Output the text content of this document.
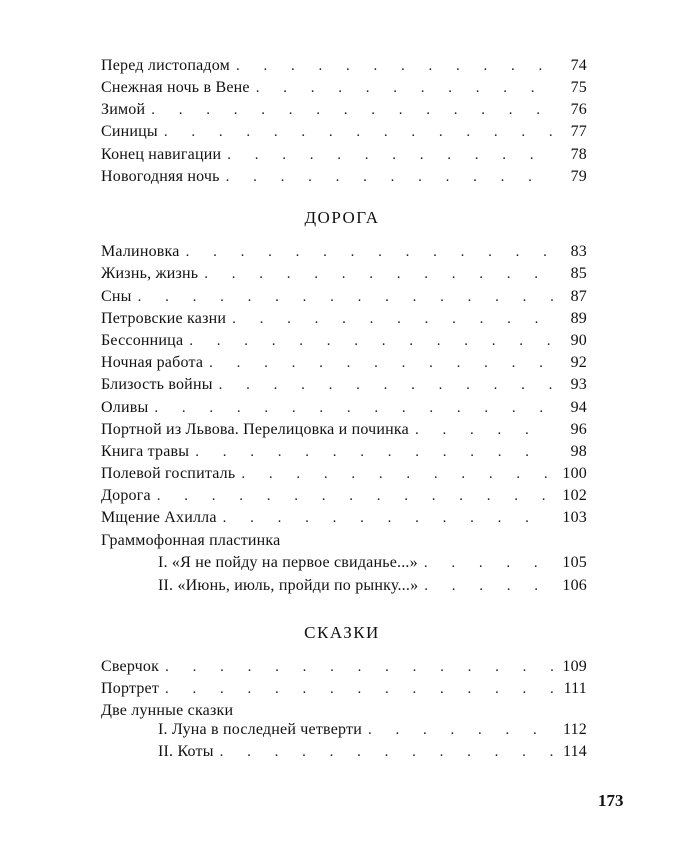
Перед листопадом . . .	74
Снежная ночь в Вене . . .	75
Зимой . . .	76
Синицы . . .	77
Конец навигации . . .	78
Новогодняя ночь . . .	79
ДОРОГА
Малиновка . . .	83
Жизнь, жизнь . . .	85
Сны . . .	87
Петровские казни . . .	89
Бессонница . . .	90
Ночная работа . . .	92
Близость войны . . .	93
Оливы . . .	94
Портной из Львова. Перелицовка и починка . . .	96
Книга травы . . .	98
Полевой госпиталь . . .	100
Дорога . . .	102
Мщение Ахилла . . .	103
Граммофонная пластинка
I. «Я не пойду на первое свиданье...» . . .	105
II. «Июнь, июль, пройди по рынку...» . . .	106
СКАЗКИ
Сверчок . . .	109
Портрет . . .	111
Две лунные сказки
I. Луна в последней четверти . . .	112
II. Коты . . .	114
173
